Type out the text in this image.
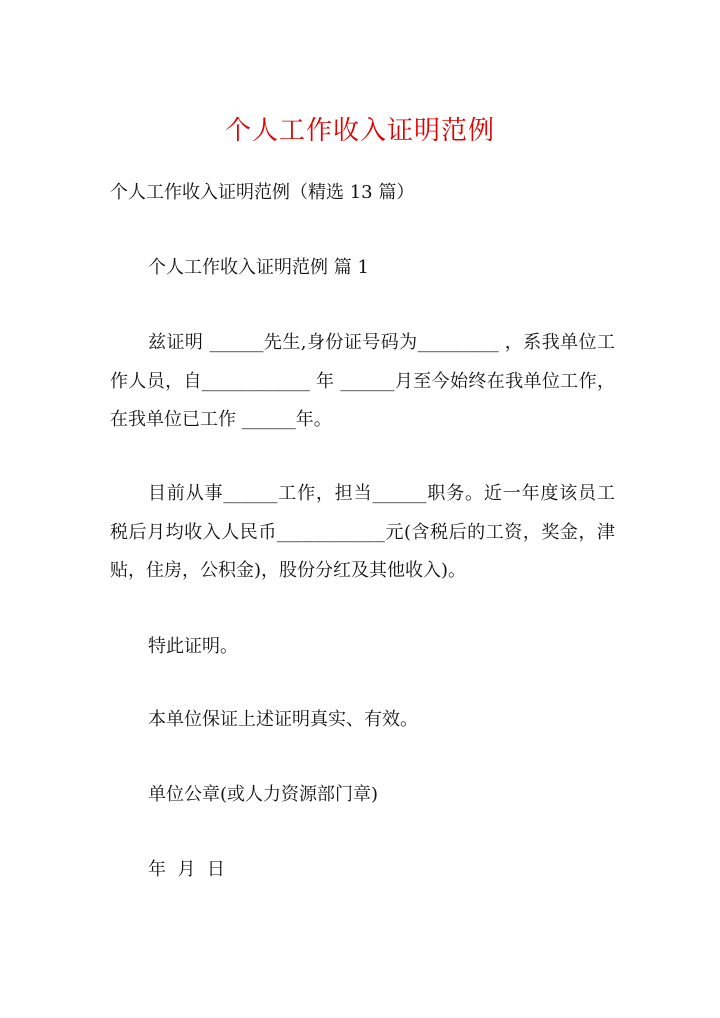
个人工作收入证明范例

个人工作收入证明范例（精选 13 篇）

个人工作收入证明范例 篇 1

兹证明 ______先生,身份证号码为_________ ，系我单位工作人员，自____________ 年 ______月至今始终在我单位工作，在我单位已工作 ______年。

目前从事______工作，担当______职务。近一年度该员工税后月均收入人民币____________元(含税后的工资，奖金，津贴，住房，公积金)，股份分红及其他收入)。

特此证明。

本单位保证上述证明真实、有效。

单位公章(或人力资源部门章)

年  月  日
